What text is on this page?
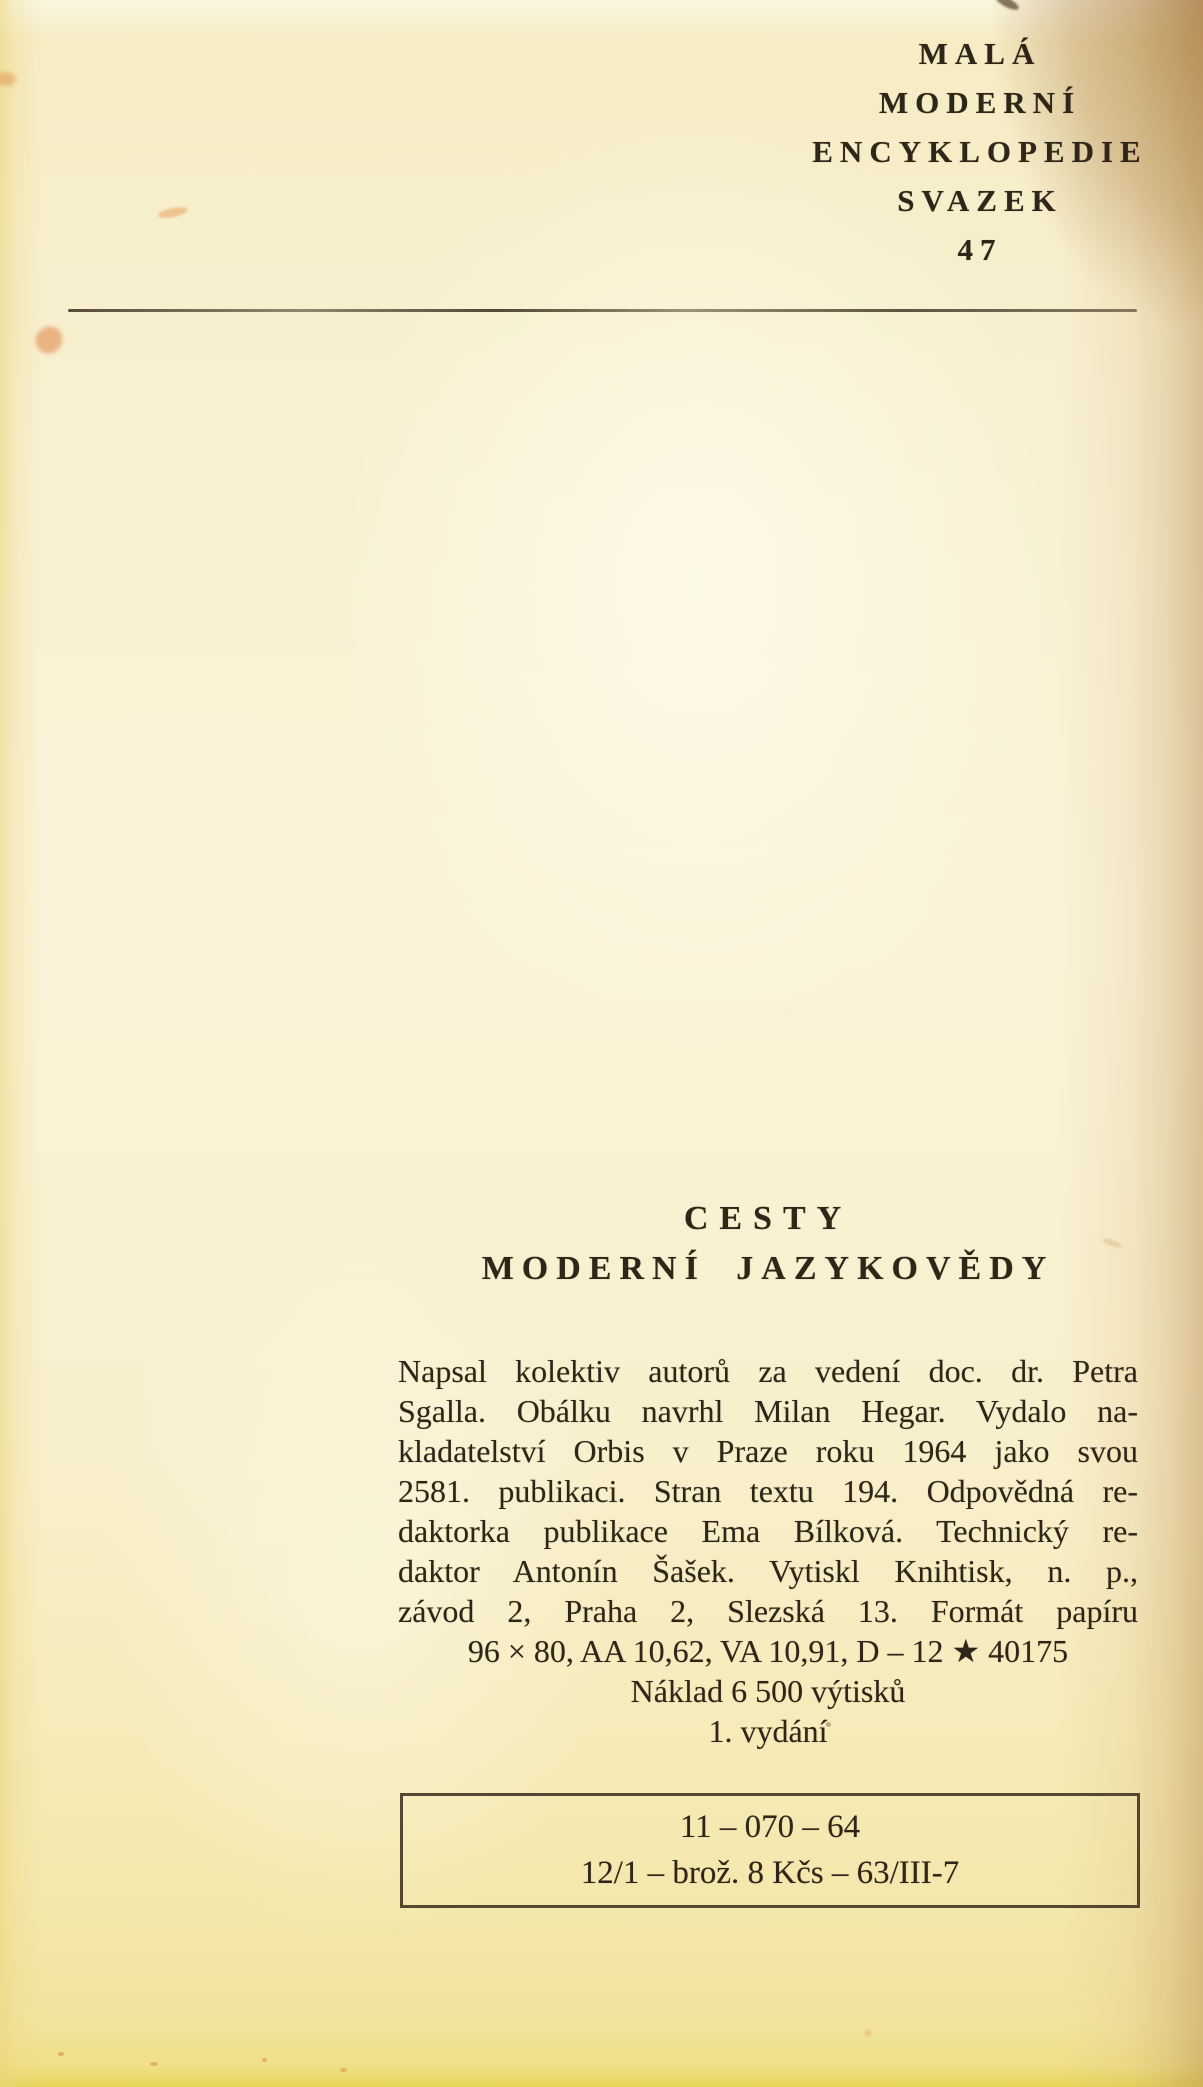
MALÁ
MODERNÍ
ENCYKLOPEDIE
SVAZEK
47
CESTY
MODERNÍ JAZYKOVĚDY
Napsal kolektiv autorů za vedení doc. dr. Petra
Sgalla. Obálku navrhl Milan Hegar. Vydalo na-
kladatelství Orbis v Praze roku 1964 jako svou
2581. publikaci. Stran textu 194. Odpovědná re-
daktorka publikace Ema Bílková. Technický re-
daktor Antonín Šašek. Vytiskl Knihtisk, n. p.,
závod 2, Praha 2, Slezská 13. Formát papíru
96 × 80, AA 10,62, VA 10,91, D – 12 ★ 40175
Náklad 6 500 výtisků
1. vydání
11 – 070 – 64
12/1 – brož. 8 Kčs – 63/III-7
